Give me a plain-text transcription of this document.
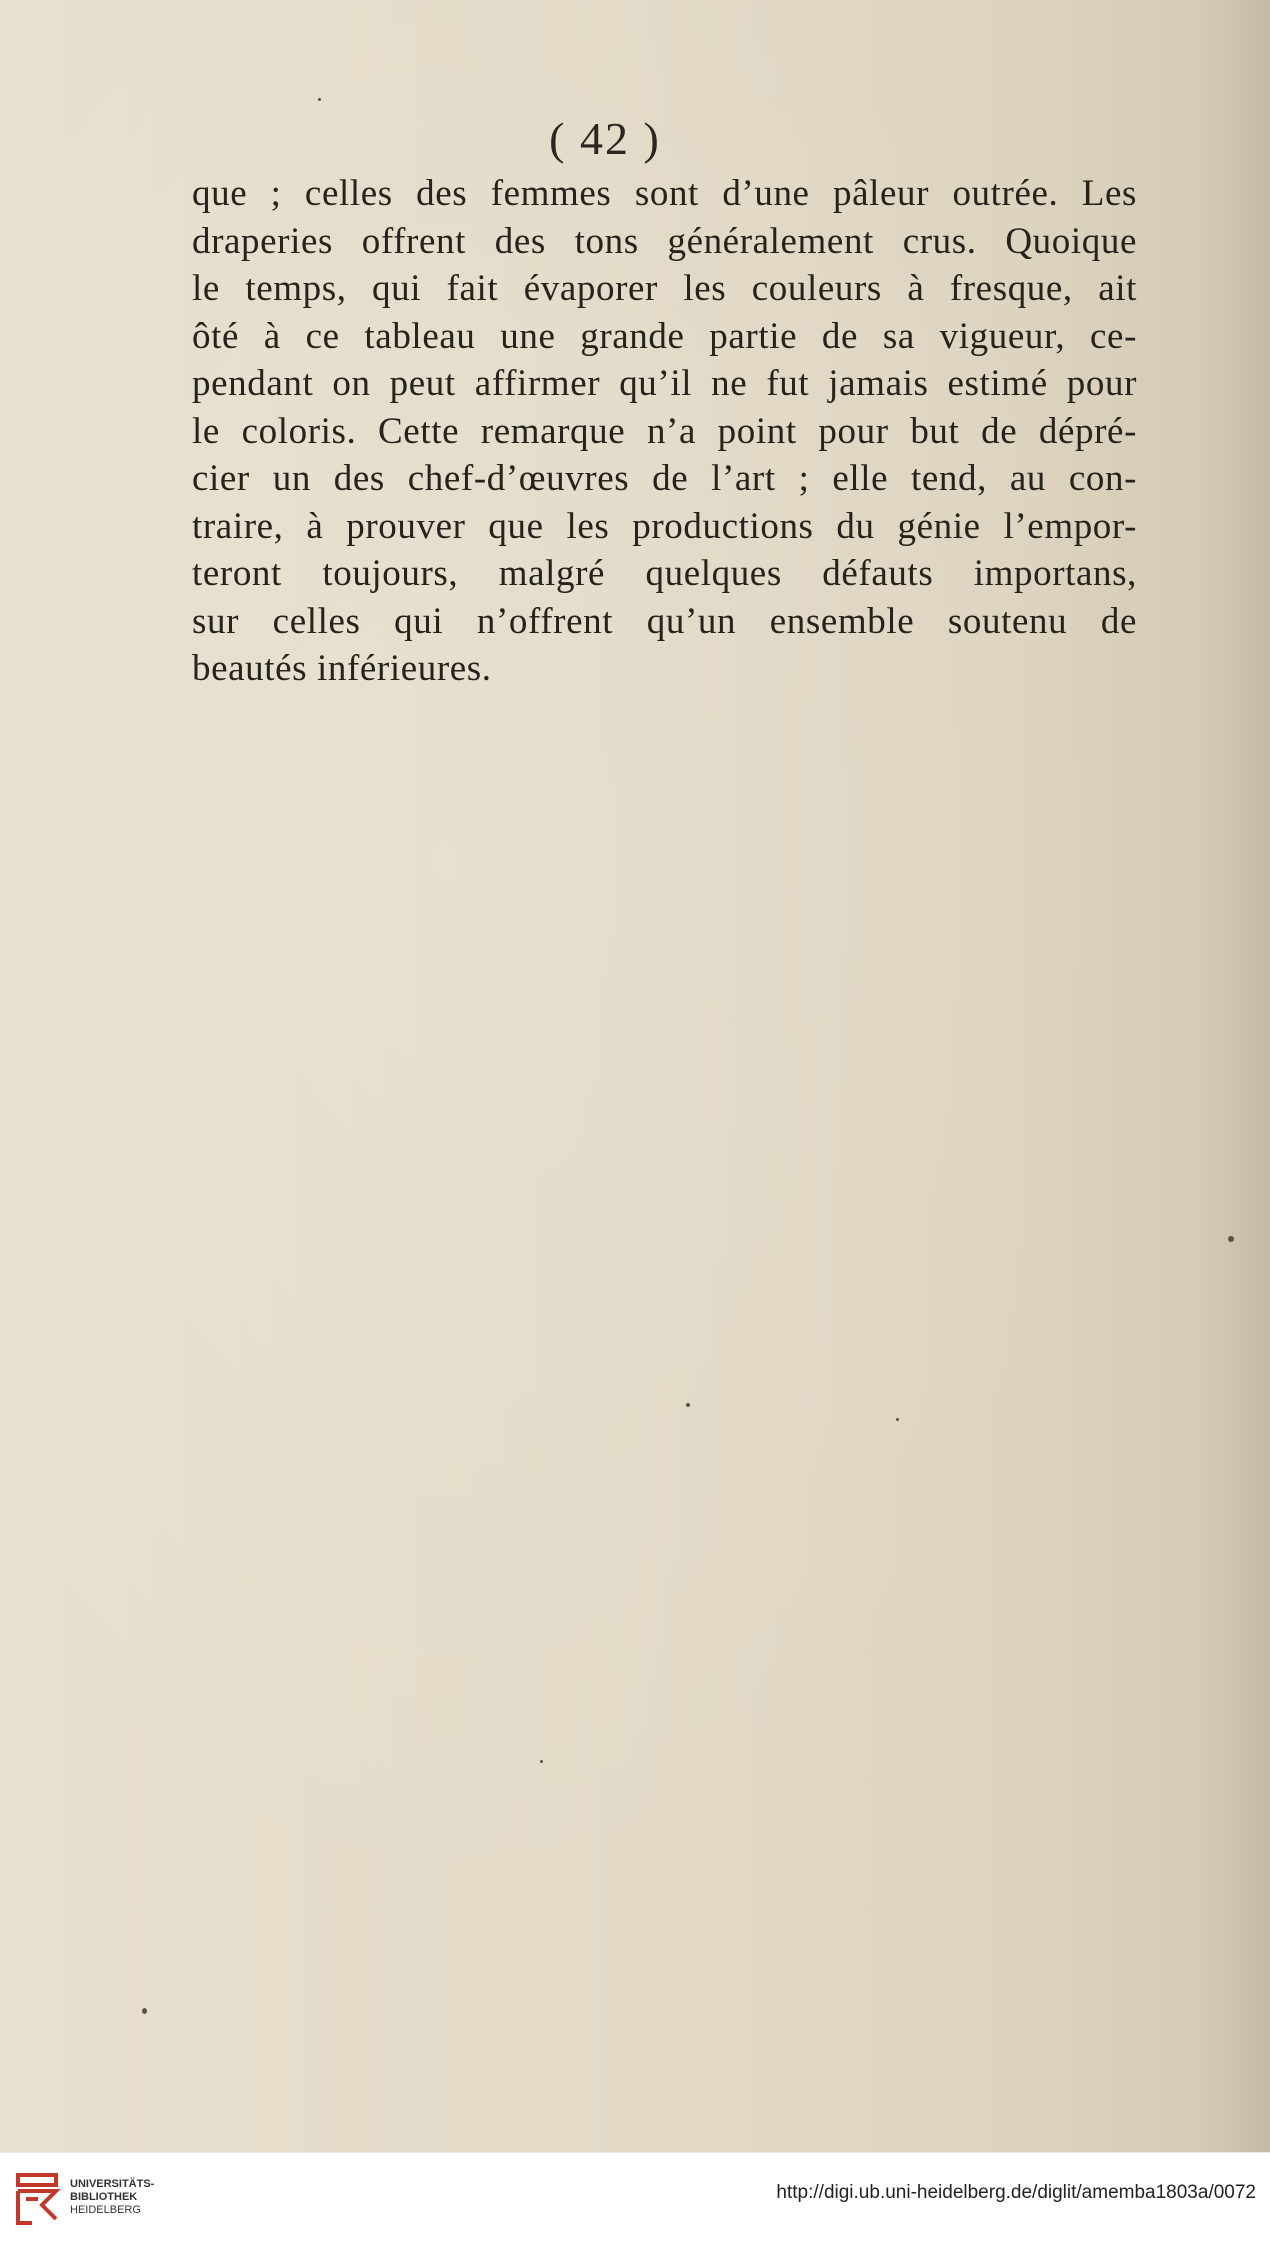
( 42 )
que ; celles des femmes sont d’une pâleur outrée. Les
draperies offrent des tons généralement crus. Quoique
le temps, qui fait évaporer les couleurs à fresque, ait
ôté à ce tableau une grande partie de sa vigueur, ce-
pendant on peut affirmer qu’il ne fut jamais estimé pour
le coloris. Cette remarque n’a point pour but de dépré-
cier un des chef-d’œuvres de l’art ; elle tend, au con-
traire, à prouver que les productions du génie l’empor-
teront toujours, malgré quelques défauts importans,
sur celles qui n’offrent qu’un ensemble soutenu de
beautés inférieures.
UNIVERSITÄTS-
BIBLIOTHEK
HEIDELBERG
http://digi.ub.uni-heidelberg.de/diglit/amemba1803a/0072
